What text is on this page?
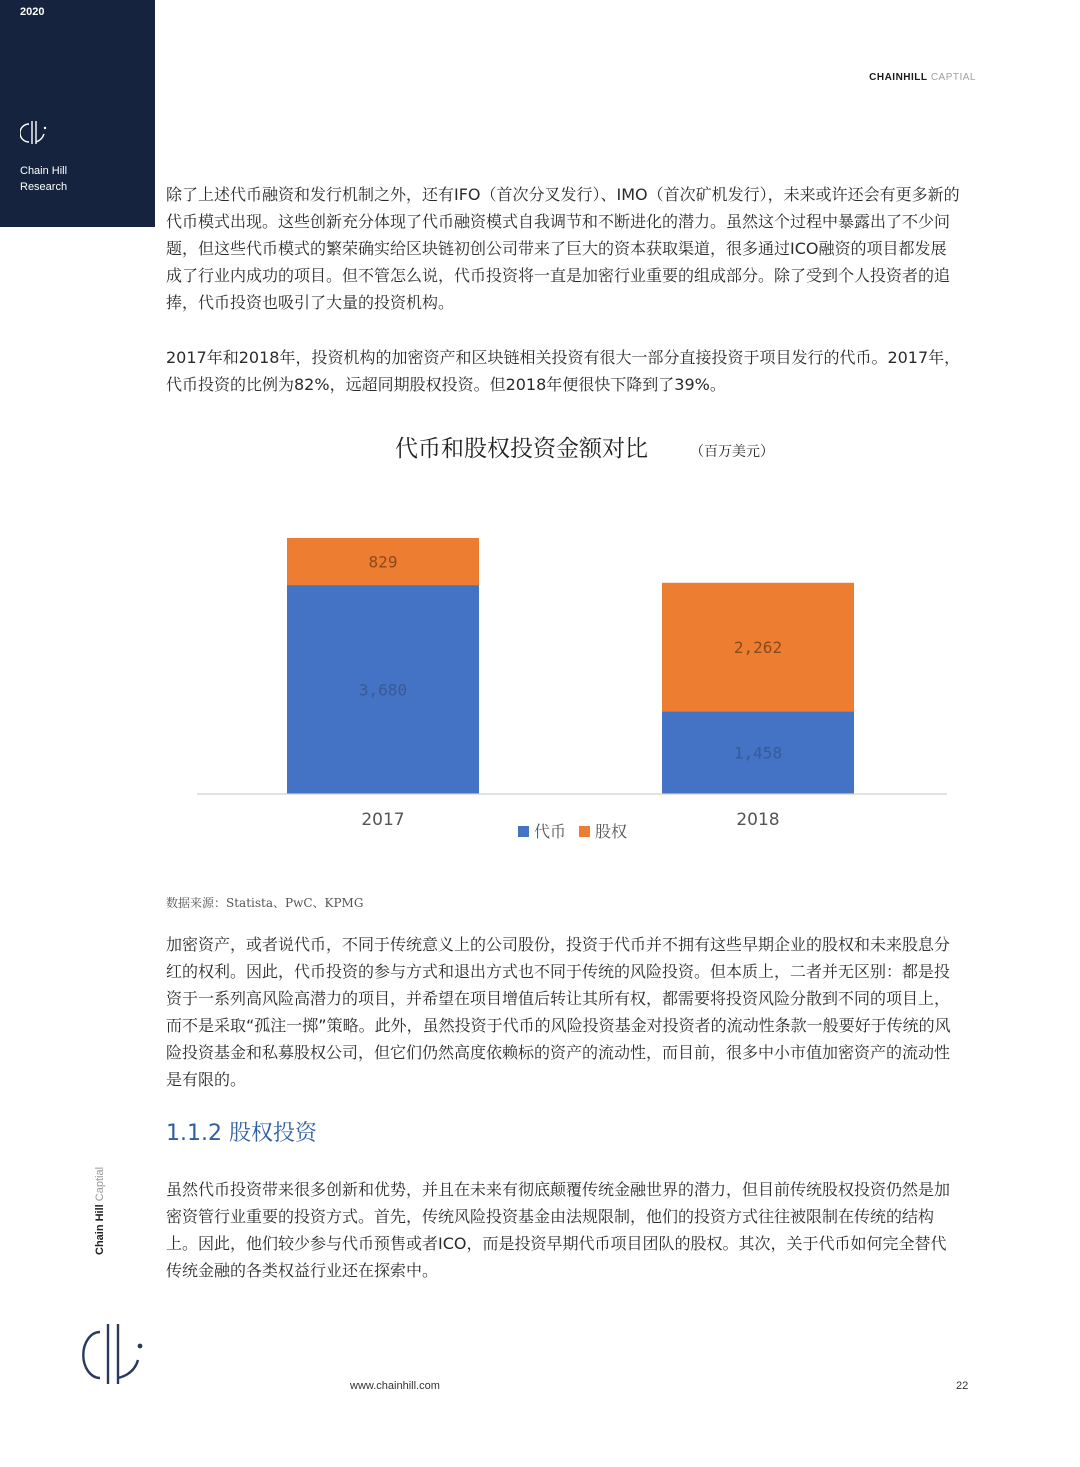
2020
Chain Hill
Research
CHAINHILL CAPTIAL

除了上述代币融资和发行机制之外，还有IFO（首次分叉发行）、IMO（首次矿机发行），未来或许还会有更多新的代币模式出现。这些创新充分体现了代币融资模式自我调节和不断进化的潜力。虽然这个过程中暴露出了不少问题，但这些代币模式的繁荣确实给区块链初创公司带来了巨大的资本获取渠道，很多通过ICO融资的项目都发展成了行业内成功的项目。但不管怎么说，代币投资将一直是加密行业重要的组成部分。除了受到个人投资者的追捧，代币投资也吸引了大量的投资机构。

2017年和2018年，投资机构的加密资产和区块链相关投资有很大一部分直接投资于项目发行的代币。2017年，代币投资的比例为82%，远超同期股权投资。但2018年便很快下降到了39%。

代币和股权投资金额对比	（百万美元）
3,680
829
1,458
2,262
2017	2018
代币 股权
数据来源：Statista、PwC、KPMG

加密资产，或者说代币，不同于传统意义上的公司股份，投资于代币并不拥有这些早期企业的股权和未来股息分红的权利。因此，代币投资的参与方式和退出方式也不同于传统的风险投资。但本质上，二者并无区别：都是投资于一系列高风险高潜力的项目，并希望在项目增值后转让其所有权，都需要将投资风险分散到不同的项目上，而不是采取“孤注一掷”策略。此外，虽然投资于代币的风险投资基金对投资者的流动性条款一般要好于传统的风险投资基金和私募股权公司，但它们仍然高度依赖标的资产的流动性，而目前，很多中小市值加密资产的流动性是有限的。

1.1.2 股权投资

虽然代币投资带来很多创新和优势，并且在未来有彻底颠覆传统金融世界的潜力，但目前传统股权投资仍然是加密资管行业重要的投资方式。首先，传统风险投资基金由法规限制，他们的投资方式往往被限制在传统的结构上。因此，他们较少参与代币预售或者ICO，而是投资早期代币项目团队的股权。其次，关于代币如何完全替代传统金融的各类权益行业还在探索中。

Chain Hill Captial
www.chainhill.com	22
